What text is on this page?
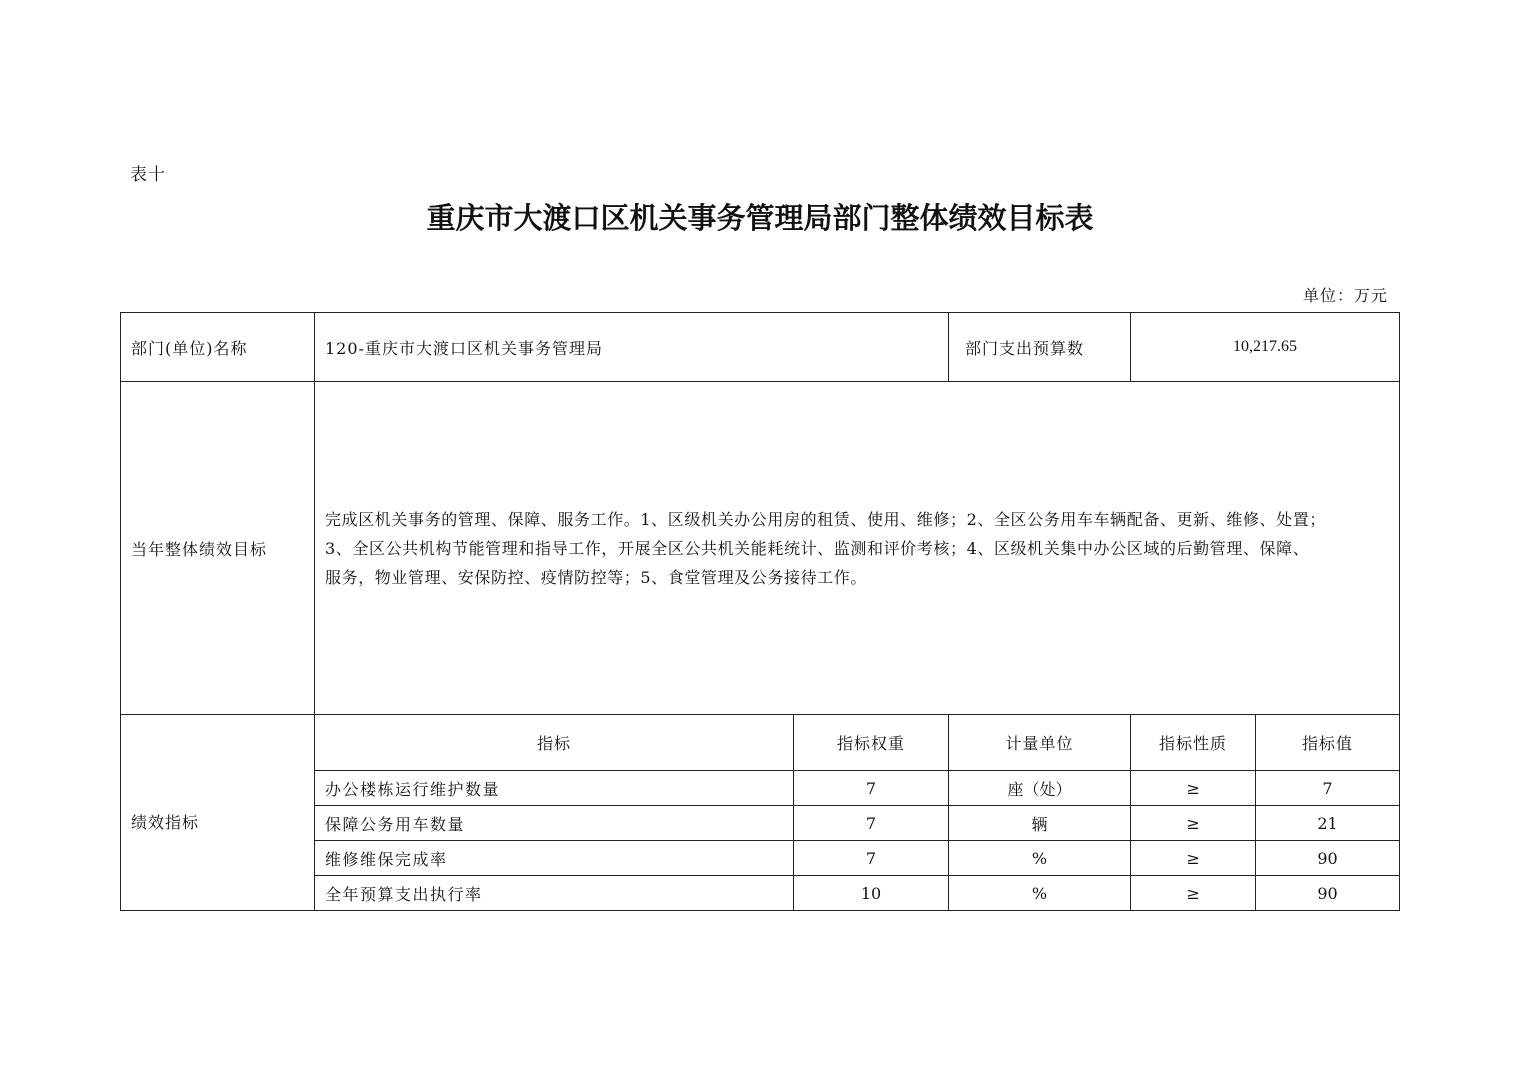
表十
重庆市大渡口区机关事务管理局部门整体绩效目标表
单位：万元
部门(单位)名称	120-重庆市大渡口区机关事务管理局		部门支出预算数	10,217.65	
当年整体绩效目标	完成区机关事务的管理、保障、服务工作。1、区级机关办公用房的租赁、使用、维修；2、全区公务用车车辆配备、更新、维修、处置；
3、全区公共机构节能管理和指导工作，开展全区公共机关能耗统计、监测和评价考核；4、区级机关集中办公区域的后勤管理、保障、
服务，物业管理、安保防控、疫情防控等；5、食堂管理及公务接待工作。				

绩效指标	指标	指标权重	计量单位	指标性质	指标值
	办公楼栋运行维护数量	7	座（处）	≥	7
	保障公务用车数量	7	辆	≥	21
	维修维保完成率	7	%	≥	90
	全年预算支出执行率	10	%	≥	90
